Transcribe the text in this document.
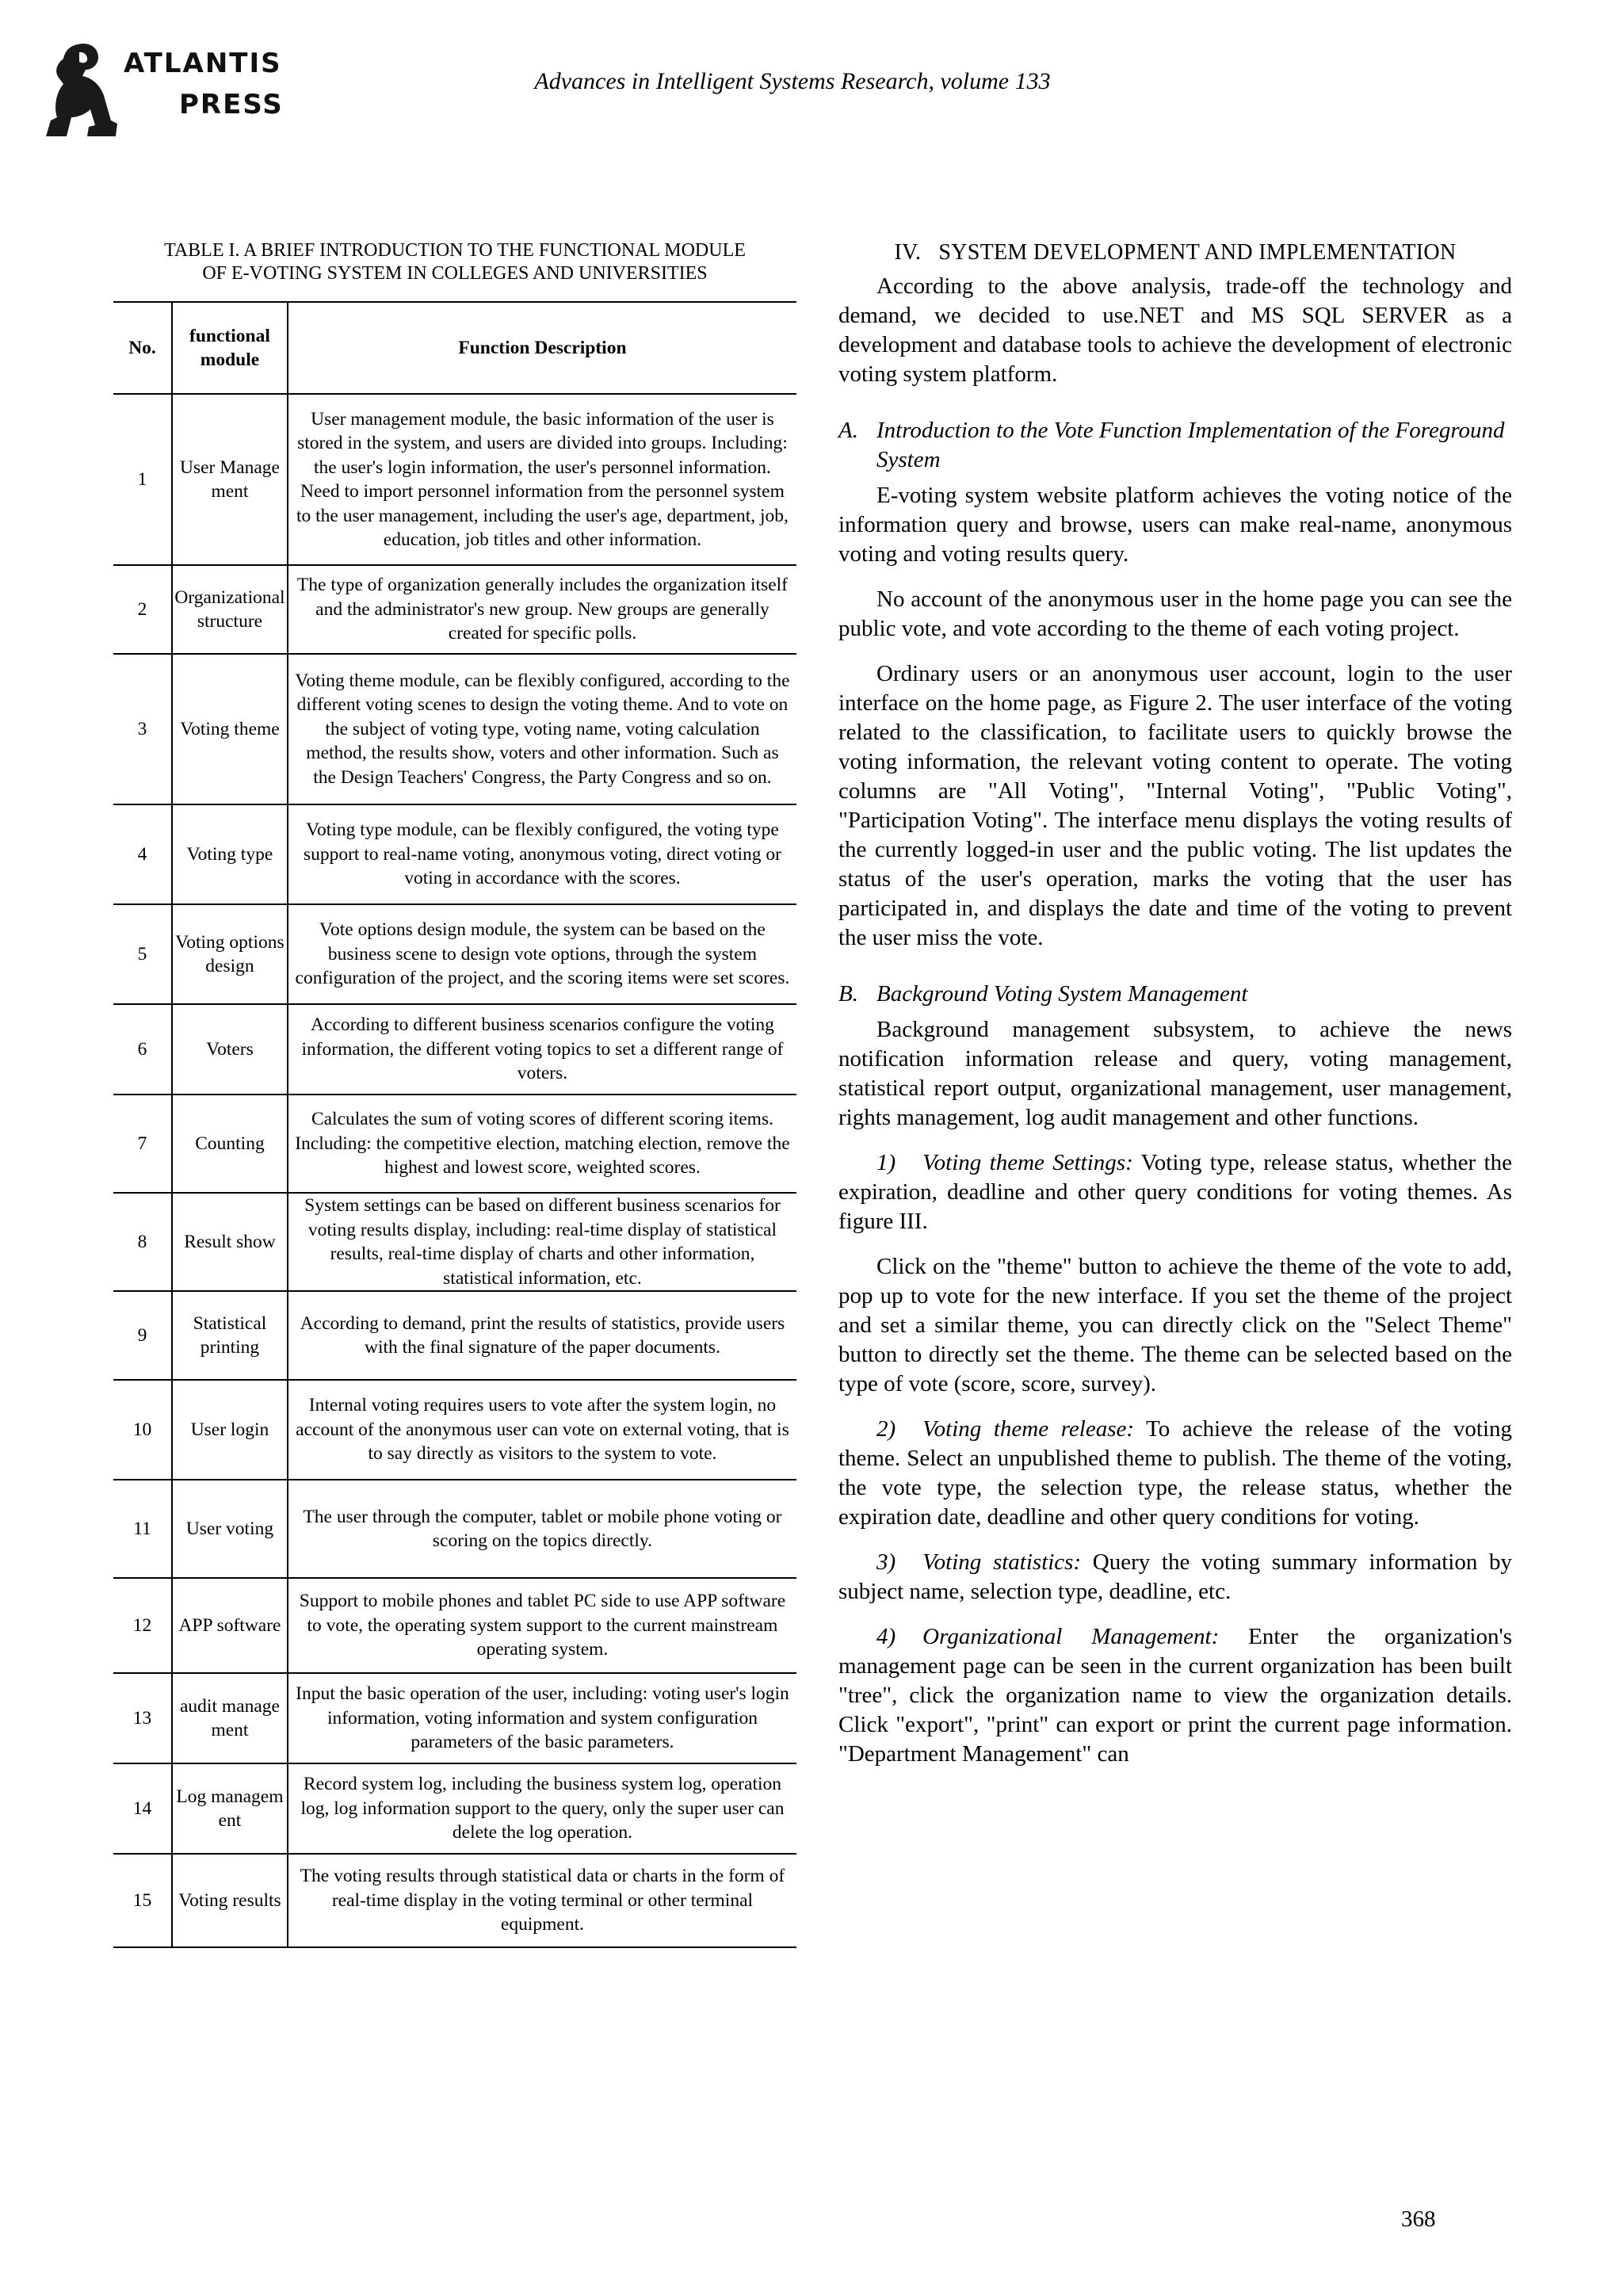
ATLANTIS
PRESS
Advances in Intelligent Systems Research, volume 133
TABLE I. A BRIEF INTRODUCTION TO THE FUNCTIONAL MODULE
OF E-VOTING SYSTEM IN COLLEGES AND UNIVERSITIES
No.	functional module	Function Description
1	User Management	User management module, the basic information of the user is stored in the system, and users are divided into groups. Including: the user's login information, the user's personnel information. Need to import personnel information from the personnel system to the user management, including the user's age, department, job, education, job titles and other information.
2	Organizational structure	The type of organization generally includes the organization itself and the administrator's new group. New groups are generally created for specific polls.
3	Voting theme	Voting theme module, can be flexibly configured, according to the different voting scenes to design the voting theme. And to vote on the subject of voting type, voting name, voting calculation method, the results show, voters and other information. Such as the Design Teachers' Congress, the Party Congress and so on.
4	Voting type	Voting type module, can be flexibly configured, the voting type support to real-name voting, anonymous voting, direct voting or voting in accordance with the scores.
5	Voting options design	Vote options design module, the system can be based on the business scene to design vote options, through the system configuration of the project, and the scoring items were set scores.
6	Voters	According to different business scenarios configure the voting information, the different voting topics to set a different range of voters.
7	Counting	Calculates the sum of voting scores of different scoring items. Including: the competitive election, matching election, remove the highest and lowest score, weighted scores.
8	Result show	System settings can be based on different business scenarios for voting results display, including: real-time display of statistical results, real-time display of charts and other information, statistical information, etc.
9	Statistical printing	According to demand, print the results of statistics, provide users with the final signature of the paper documents.
10	User login	Internal voting requires users to vote after the system login, no account of the anonymous user can vote on external voting, that is to say directly as visitors to the system to vote.
11	User voting	The user through the computer, tablet or mobile phone voting or scoring on the topics directly.
12	APP software	Support to mobile phones and tablet PC side to use APP software to vote, the operating system support to the current mainstream operating system.
13	audit management	Input the basic operation of the user, including: voting user's login information, voting information and system configuration parameters of the basic parameters.
14	Log management	Record system log, including the business system log, operation log, log information support to the query, only the super user can delete the log operation.
15	Voting results	The voting results through statistical data or charts in the form of real-time display in the voting terminal or other terminal equipment.
IV. SYSTEM DEVELOPMENT AND IMPLEMENTATION

According to the above analysis, trade-off the technology and demand, we decided to use.NET and MS SQL SERVER as a development and database tools to achieve the development of electronic voting system platform.

A. Introduction to the Vote Function Implementation of the Foreground System

E-voting system website platform achieves the voting notice of the information query and browse, users can make real-name, anonymous voting and voting results query.

No account of the anonymous user in the home page you can see the public vote, and vote according to the theme of each voting project.

Ordinary users or an anonymous user account, login to the user interface on the home page, as Figure 2. The user interface of the voting related to the classification, to facilitate users to quickly browse the voting information, the relevant voting content to operate. The voting columns are "All Voting", "Internal Voting", "Public Voting", "Participation Voting". The interface menu displays the voting results of the currently logged-in user and the public voting. The list updates the status of the user's operation, marks the voting that the user has participated in, and displays the date and time of the voting to prevent the user miss the vote.

B. Background Voting System Management

Background management subsystem, to achieve the news notification information release and query, voting management, statistical report output, organizational management, user management, rights management, log audit management and other functions.

1) Voting theme Settings: Voting type, release status, whether the expiration, deadline and other query conditions for voting themes. As figure III.

Click on the "theme" button to achieve the theme of the vote to add, pop up to vote for the new interface. If you set the theme of the project and set a similar theme, you can directly click on the "Select Theme" button to directly set the theme. The theme can be selected based on the type of vote (score, score, survey).

2) Voting theme release: To achieve the release of the voting theme. Select an unpublished theme to publish. The theme of the voting, the vote type, the selection type, the release status, whether the expiration date, deadline and other query conditions for voting.

3) Voting statistics: Query the voting summary information by subject name, selection type, deadline, etc.

4) Organizational Management: Enter the organization's management page can be seen in the current organization has been built "tree", click the organization name to view the organization details. Click "export", "print" can export or print the current page information. "Department Management" can

368
